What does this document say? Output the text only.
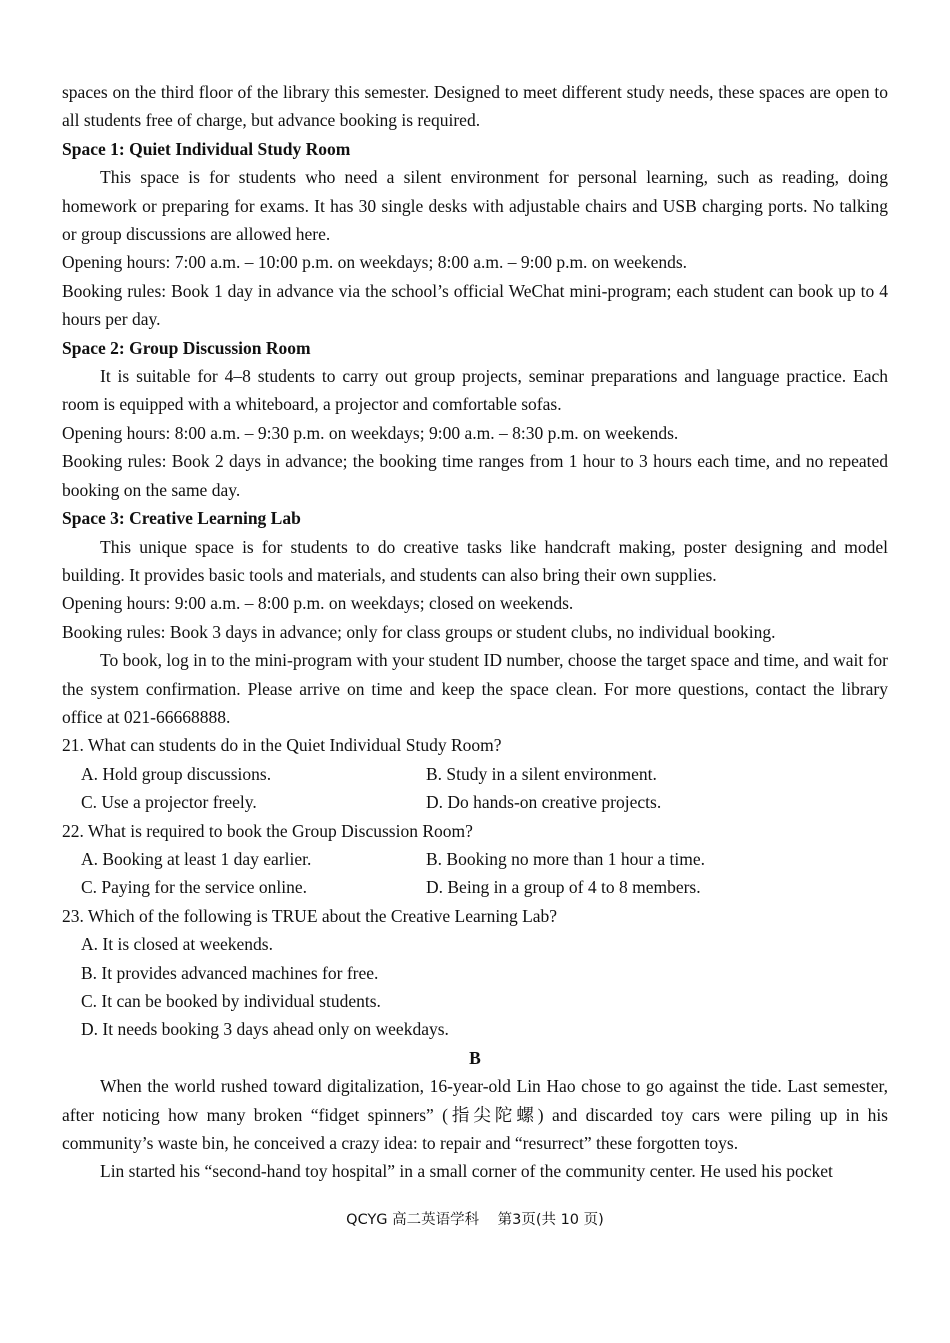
spaces on the third floor of the library this semester. Designed to meet different study needs, these spaces are open to all students free of charge, but advance booking is required.

Space 1: Quiet Individual Study Room

This space is for students who need a silent environment for personal learning, such as reading, doing homework or preparing for exams. It has 30 single desks with adjustable chairs and USB charging ports. No talking or group discussions are allowed here.

Opening hours: 7:00 a.m. – 10:00 p.m. on weekdays; 8:00 a.m. – 9:00 p.m. on weekends.

Booking rules: Book 1 day in advance via the school’s official WeChat mini-program; each student can book up to 4 hours per day.

Space 2: Group Discussion Room

It is suitable for 4–8 students to carry out group projects, seminar preparations and language practice. Each room is equipped with a whiteboard, a projector and comfortable sofas.

Opening hours: 8:00 a.m. – 9:30 p.m. on weekdays; 9:00 a.m. – 8:30 p.m. on weekends.

Booking rules: Book 2 days in advance; the booking time ranges from 1 hour to 3 hours each time, and no repeated booking on the same day.

Space 3: Creative Learning Lab

This unique space is for students to do creative tasks like handcraft making, poster designing and model building. It provides basic tools and materials, and students can also bring their own supplies.

Opening hours: 9:00 a.m. – 8:00 p.m. on weekdays; closed on weekends.

Booking rules: Book 3 days in advance; only for class groups or student clubs, no individual booking.

To book, log in to the mini-program with your student ID number, choose the target space and time, and wait for the system confirmation. Please arrive on time and keep the space clean. For more questions, contact the library office at 021-66668888.

21. What can students do in the Quiet Individual Study Room?

A. Hold group discussions.	B. Study in a silent environment.
C. Use a projector freely.	D. Do hands-on creative projects.

22. What is required to book the Group Discussion Room?

A. Booking at least 1 day earlier.	B. Booking no more than 1 hour a time.
C. Paying for the service online.	D. Being in a group of 4 to 8 members.

23. Which of the following is TRUE about the Creative Learning Lab?

A. It is closed at weekends.

B. It provides advanced machines for free.

C. It can be booked by individual students.

D. It needs booking 3 days ahead only on weekdays.

B

When the world rushed toward digitalization, 16-year-old Lin Hao chose to go against the tide. Last semester, after noticing how many broken “fidget spinners” (指尖陀螺) and discarded toy cars were piling up in his community’s waste bin, he conceived a crazy idea: to repair and “resurrect” these forgotten toys.

Lin started his “second-hand toy hospital” in a small corner of the community center. He used his pocket

QCYG 高二英语学科    第3页(共 10 页)
